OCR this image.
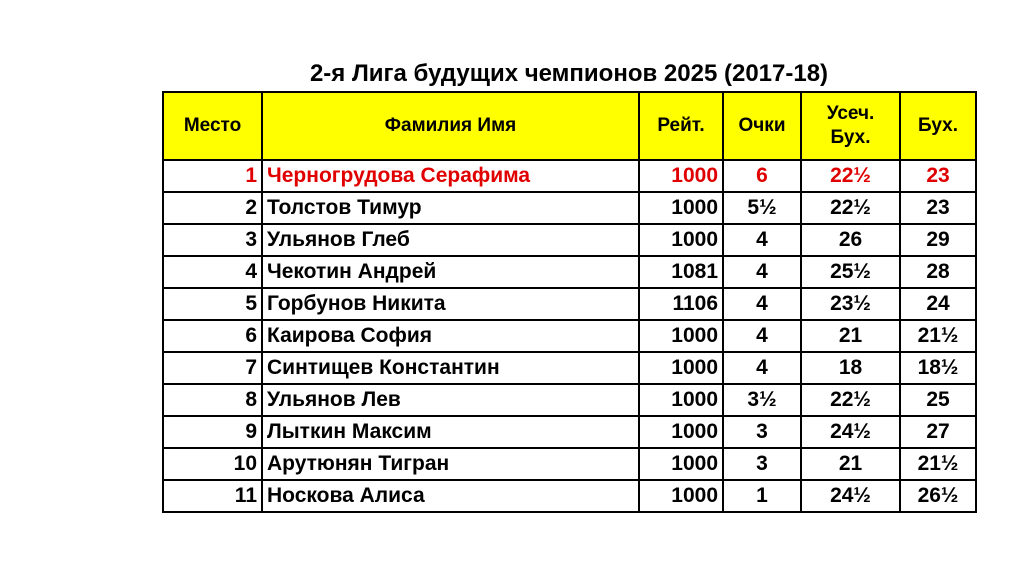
2-я Лига будущих чемпионов 2025 (2017-18)
Место	Фамилия Имя	Рейт.	Очки	Усеч. Бух.	Бух.
1	Черногрудова Серафима	1000	6	22½	23
2	Толстов Тимур	1000	5½	22½	23
3	Ульянов Глеб	1000	4	26	29
4	Чекотин Андрей	1081	4	25½	28
5	Горбунов Никита	1106	4	23½	24
6	Каирова София	1000	4	21	21½
7	Синтищев Константин	1000	4	18	18½
8	Ульянов Лев	1000	3½	22½	25
9	Лыткин Максим	1000	3	24½	27
10	Арутюнян Тигран	1000	3	21	21½
11	Носкова Алиса	1000	1	24½	26½
